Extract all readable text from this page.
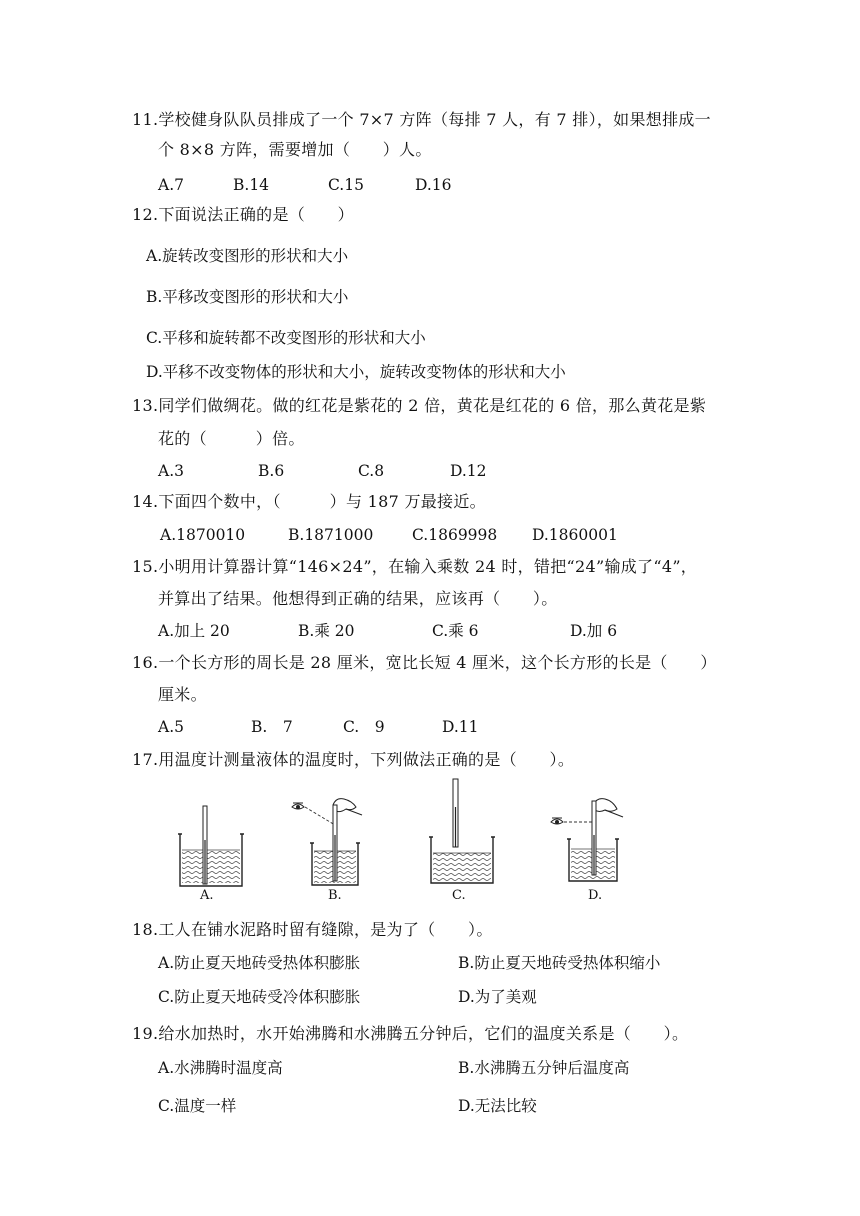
11.学校健身队队员排成了一个 7×7 方阵（每排 7 人，有 7 排），如果想排成一
个 8×8 方阵，需要增加（　　）人。
A.7	B.14	C.15	D.16
12.下面说法正确的是（　　）
A.旋转改变图形的形状和大小
B.平移改变图形的形状和大小
C.平移和旋转都不改变图形的形状和大小
D.平移不改变物体的形状和大小，旋转改变物体的形状和大小
13.同学们做绸花。做的红花是紫花的 2 倍，黄花是红花的 6 倍，那么黄花是紫
花的（　　　）倍。
A.3	B.6	C.8	D.12
14.下面四个数中，（　　　）与 187 万最接近。
A.1870010	B.1871000 C.1869998 D.1860001
15.小明用计算器计算“146×24”，在输入乘数 24 时，错把“24”输成了“4”，
并算出了结果。他想得到正确的结果，应该再（　　）。
A.加上 20	B.乘 20	C.乘 6	D.加 6
16.一个长方形的周长是 28 厘米，宽比长短 4 厘米，这个长方形的长是（　　）
厘米。
A.5	B.　7	C.　9	D.11
17.用温度计测量液体的温度时，下列做法正确的是（　　）。
A.	B.	C.	D.
18.工人在铺水泥路时留有缝隙，是为了（　　）。
A.防止夏天地砖受热体积膨胀	B.防止夏天地砖受热体积缩小
C.防止夏天地砖受冷体积膨胀	D.为了美观
19.给水加热时，水开始沸腾和水沸腾五分钟后，它们的温度关系是（　　）。
A.水沸腾时温度高	B.水沸腾五分钟后温度高
C.温度一样	D.无法比较
